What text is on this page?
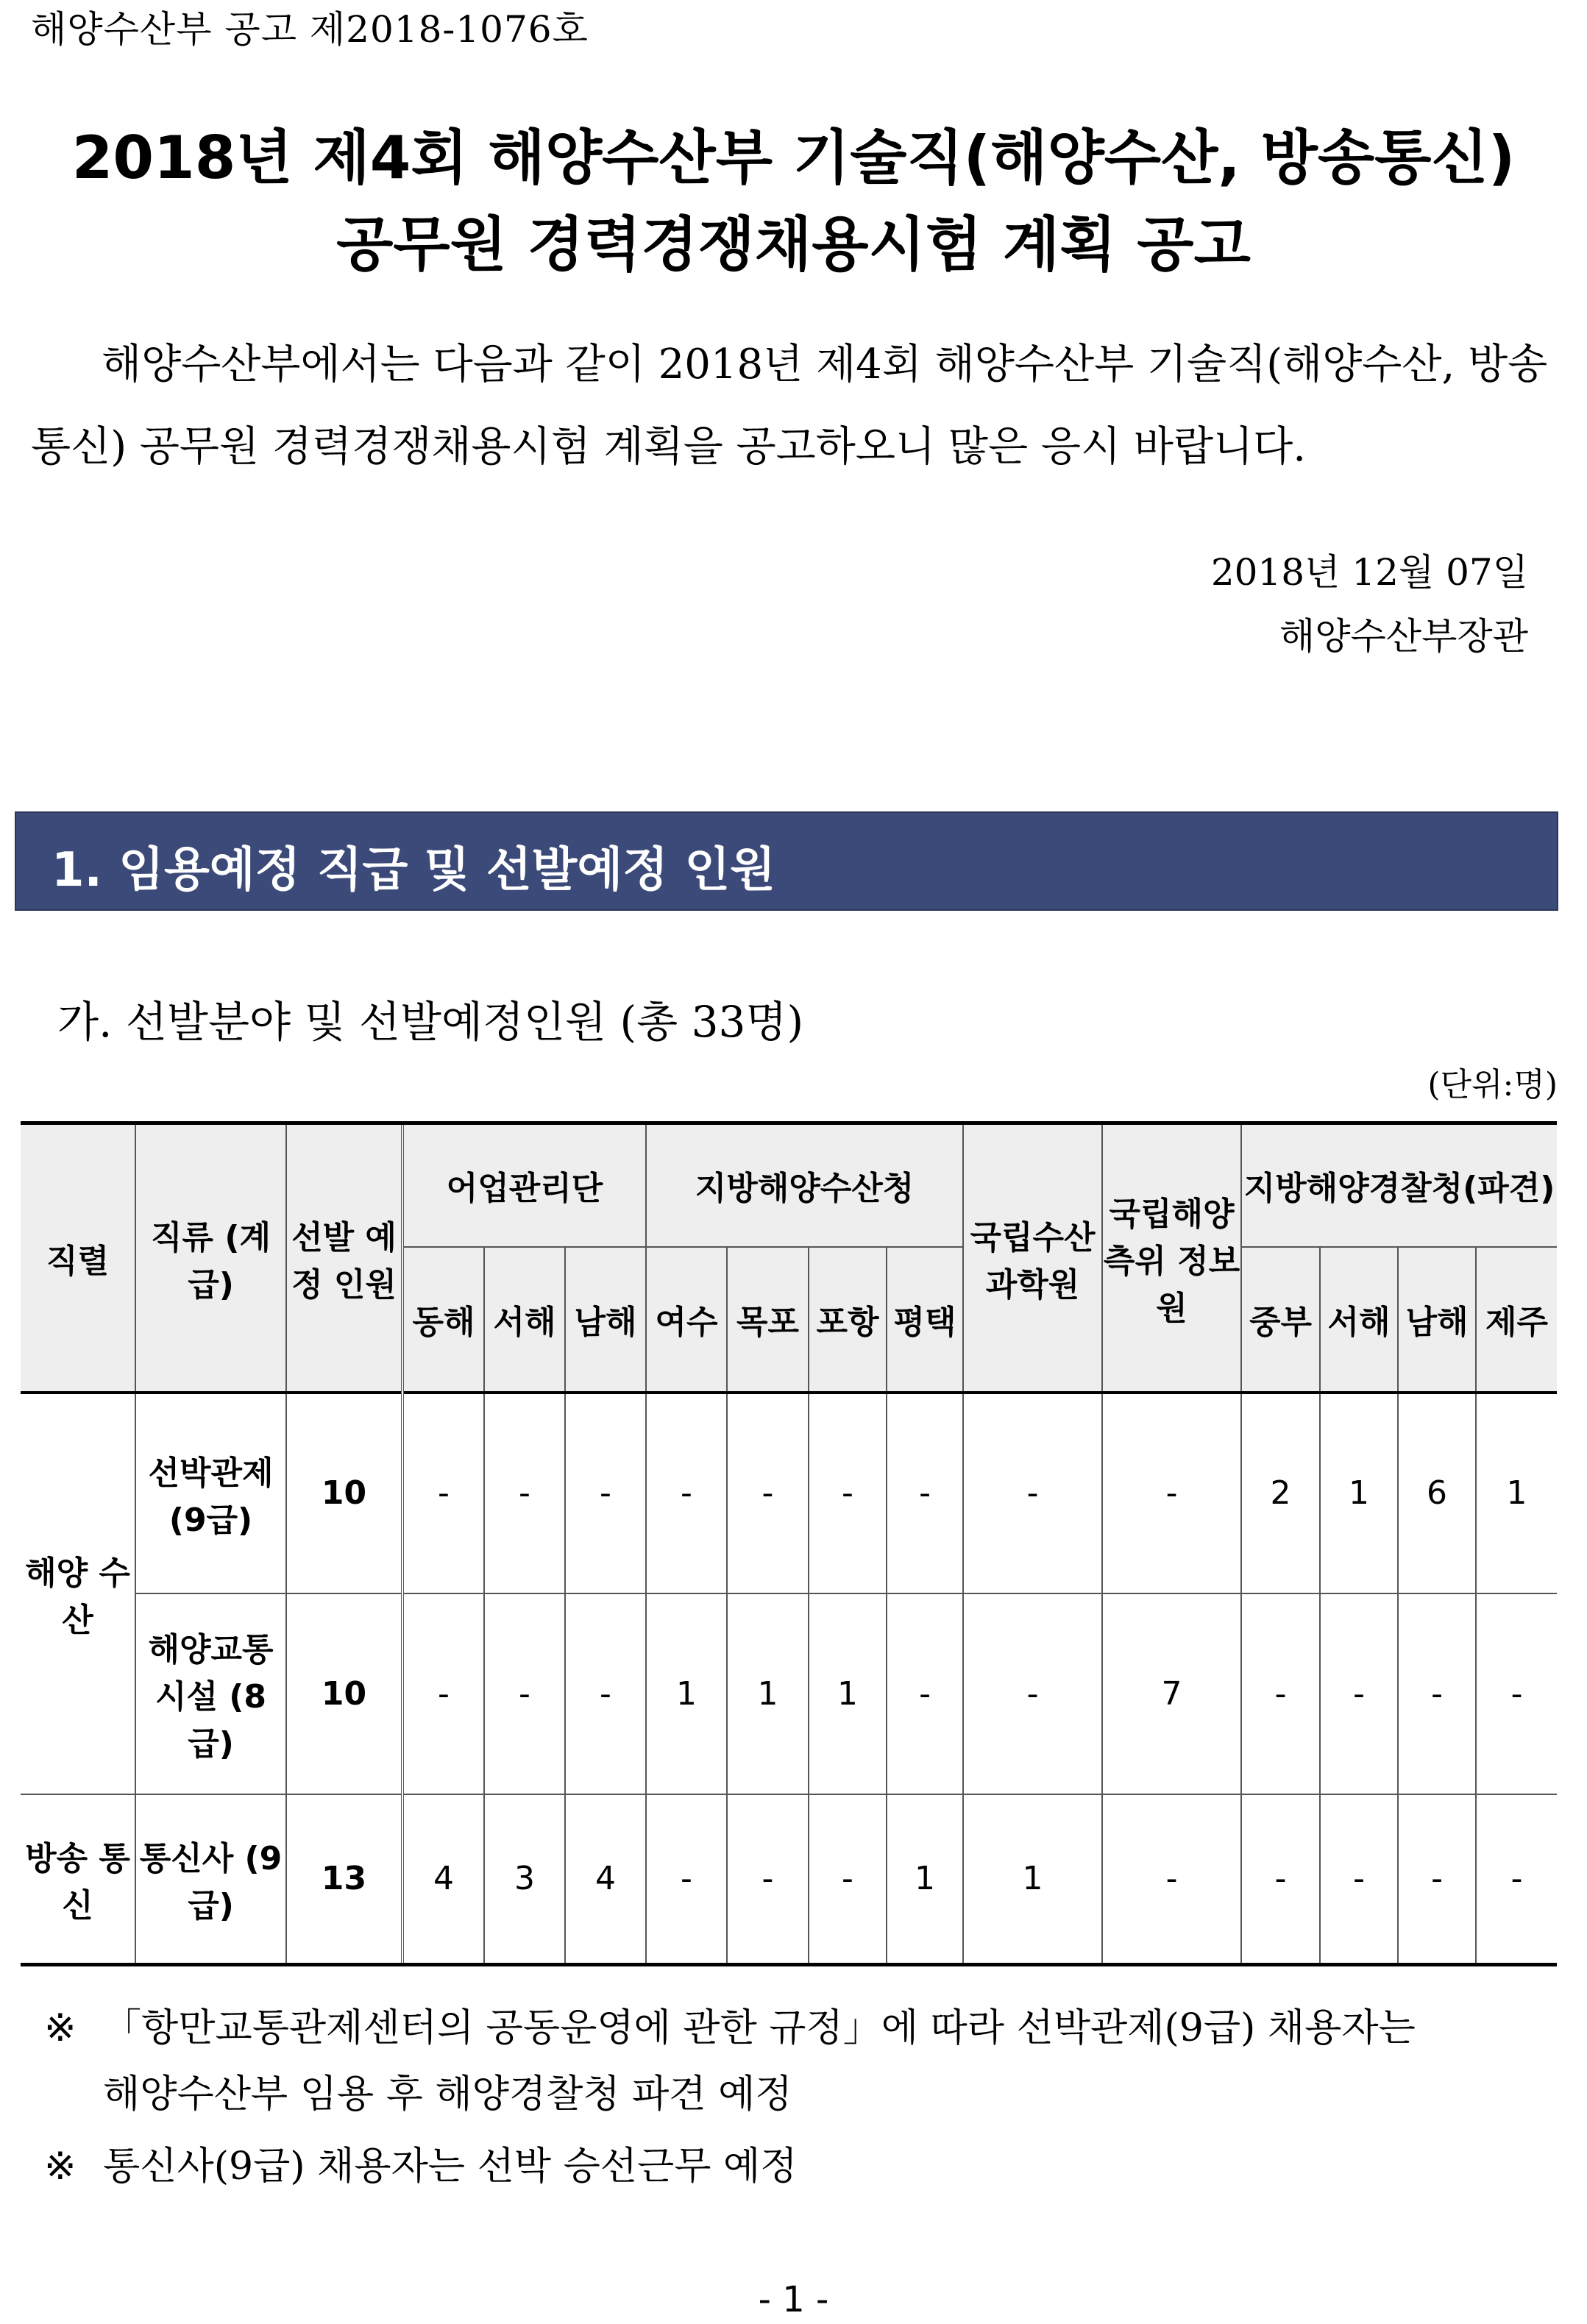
해양수산부 공고 제2018-1076호
2018년 제4회 해양수산부 기술직(해양수산, 방송통신)
공무원 경력경쟁채용시험 계획 공고
해양수산부에서는 다음과 같이 2018년 제4회 해양수산부 기술직(해양수산, 방송통신) 공무원 경력경쟁채용시험 계획을 공고하오니 많은 응시 바랍니다.
2018년 12월 07일
해양수산부장관
1. 임용예정 직급 및 선발예정 인원
가. 선발분야 및 선발예정인원 (총 33명)
(단위:명)
직렬	직류 (계급)	선발 예정 인원	어업관리단			지방해양수산청				국립수산 과학원	국립해양 측위 정보원	지방해양경찰청(파견)			
			동해	서해	남해	여수	목포	포항	평택			중부	서해	남해	제주
해양 수산	선박관제 (9급)	10	-	-	-	-	-	-	-	-	-	2	1	6	1
	해양교통 시설 (8급)	10	-	-	-	1	1	1	-	-	7	-	-	-	-
방송 통신	통신사 (9급)	13	4	3	4	-	-	-	1	1	-	-	-	-	-
※ 「항만교통관제센터의 공동운영에 관한 규정」에 따라 선박관제(9급) 채용자는
해양수산부 임용 후 해양경찰청 파견 예정
※ 통신사(9급) 채용자는 선박 승선근무 예정
- 1 -
